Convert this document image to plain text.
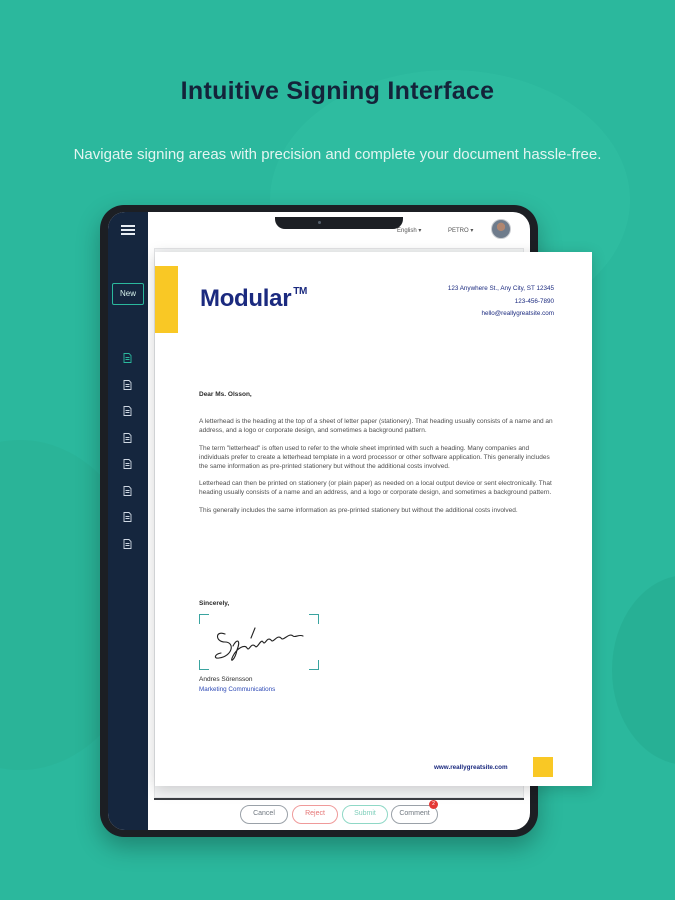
Intuitive Signing Interface
Navigate signing areas with precision and complete your document hassle-free.
New
English ▾	PETRO ▾
Cancel	Reject	Submit	Comment
2
Modular ™	123 Anywhere St., Any City, ST 12345
123-456-7890
hello@reallygreatsite.com
Dear Ms. Olsson,

A letterhead is the heading at the top of a sheet of letter paper (stationery). That heading usually consists of a name and an address, and a logo or corporate design, and sometimes a background pattern.

The term "letterhead" is often used to refer to the whole sheet imprinted with such a heading. Many companies and individuals prefer to create a letterhead template in a word processor or other software application. This generally includes the same information as pre-printed stationery but without the additional costs involved.

Letterhead can then be printed on stationery (or plain paper) as needed on a local output device or sent electronically. That heading usually consists of a name and an address, and a logo or corporate design, and sometimes a background pattern.

This generally includes the same information as pre-printed stationery but without the additional costs involved.

Sincerely,
Andres Sörensson
Marketing Communications
www.reallygreatsite.com
